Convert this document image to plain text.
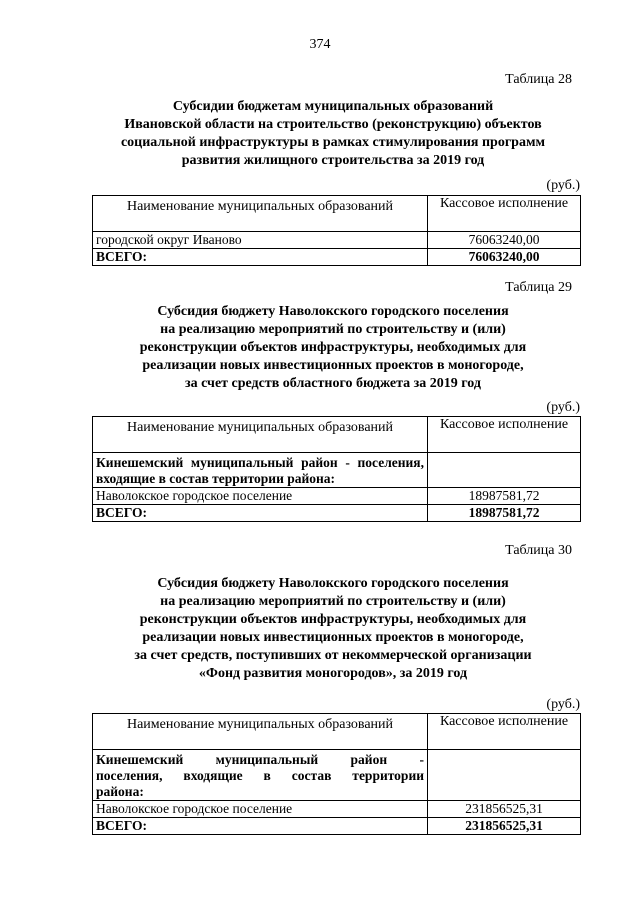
374
Таблица 28
Субсидии бюджетам муниципальных образований
Ивановской области на строительство (реконструкцию) объектов
социальной инфраструктуры в рамках стимулирования программ
развития жилищного строительства за 2019 год
(руб.)
Наименование муниципальных образований	Кассовое исполнение
городской округ Иваново	76063240,00
ВСЕГО:	76063240,00
Таблица 29
Субсидия бюджету Наволокского городского поселения
на реализацию мероприятий по строительству и (или)
реконструкции объектов инфраструктуры, необходимых для
реализации новых инвестиционных проектов в моногороде,
за счет средств областного бюджета за 2019 год
(руб.)
Наименование муниципальных образований	Кассовое исполнение
Кинешемский муниципальный район - поселения, входящие в состав территории района:	
Наволокское городское поселение	18987581,72
ВСЕГО:	18987581,72
Таблица 30
Субсидия бюджету Наволокского городского поселения
на реализацию мероприятий по строительству и (или)
реконструкции объектов инфраструктуры, необходимых для
реализации новых инвестиционных проектов в моногороде,
за счет средств, поступивших от некоммерческой организации
«Фонд развития моногородов», за 2019 год
(руб.)
Наименование муниципальных образований	Кассовое исполнение
Кинешемский муниципальный район - поселения, входящие в состав территории района:	
Наволокское городское поселение	231856525,31
ВСЕГО:	231856525,31
